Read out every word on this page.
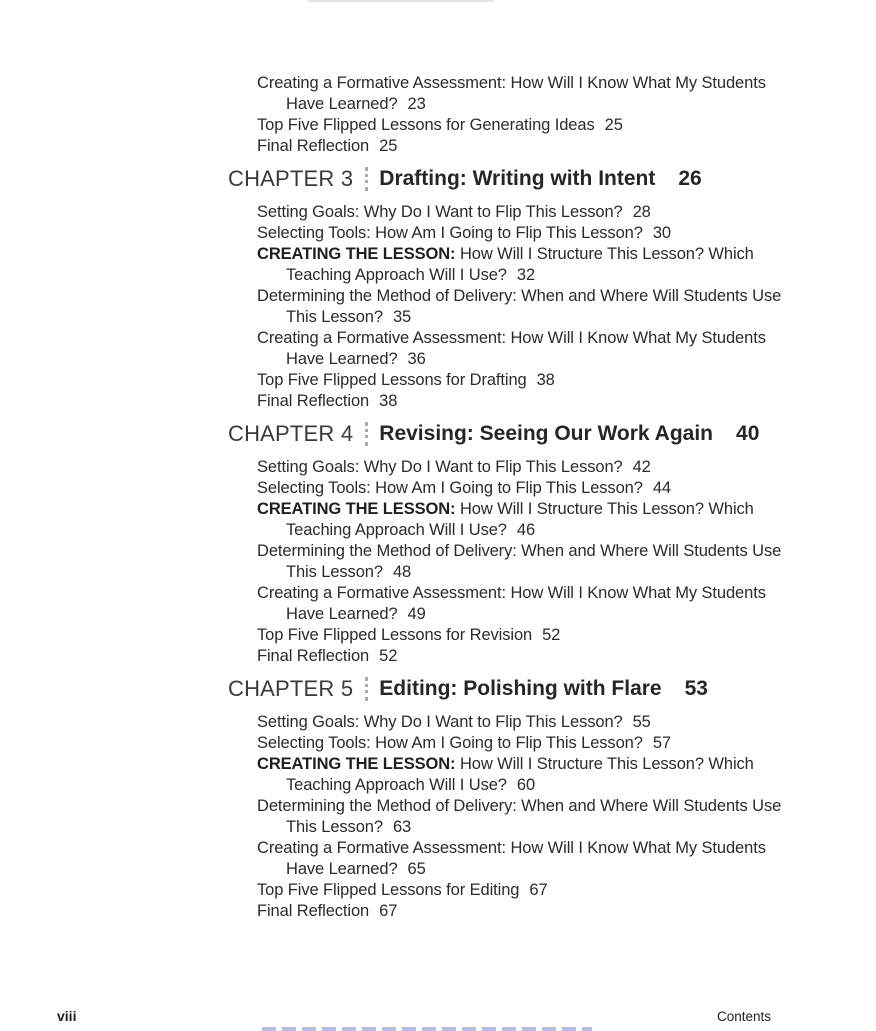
Creating a Formative Assessment: How Will I Know What My Students Have Learned? 23
Top Five Flipped Lessons for Generating Ideas 25
Final Reflection 25
CHAPTER 3 Drafting: Writing with Intent 26
Setting Goals: Why Do I Want to Flip This Lesson? 28
Selecting Tools: How Am I Going to Flip This Lesson? 30
CREATING THE LESSON: How Will I Structure This Lesson? Which Teaching Approach Will I Use? 32
Determining the Method of Delivery: When and Where Will Students Use This Lesson? 35
Creating a Formative Assessment: How Will I Know What My Students Have Learned? 36
Top Five Flipped Lessons for Drafting 38
Final Reflection 38
CHAPTER 4 Revising: Seeing Our Work Again 40
Setting Goals: Why Do I Want to Flip This Lesson? 42
Selecting Tools: How Am I Going to Flip This Lesson? 44
CREATING THE LESSON: How Will I Structure This Lesson? Which Teaching Approach Will I Use? 46
Determining the Method of Delivery: When and Where Will Students Use This Lesson? 48
Creating a Formative Assessment: How Will I Know What My Students Have Learned? 49
Top Five Flipped Lessons for Revision 52
Final Reflection 52
CHAPTER 5 Editing: Polishing with Flare 53
Setting Goals: Why Do I Want to Flip This Lesson? 55
Selecting Tools: How Am I Going to Flip This Lesson? 57
CREATING THE LESSON: How Will I Structure This Lesson? Which Teaching Approach Will I Use? 60
Determining the Method of Delivery: When and Where Will Students Use This Lesson? 63
Creating a Formative Assessment: How Will I Know What My Students Have Learned? 65
Top Five Flipped Lessons for Editing 67
Final Reflection 67
viii	Contents
